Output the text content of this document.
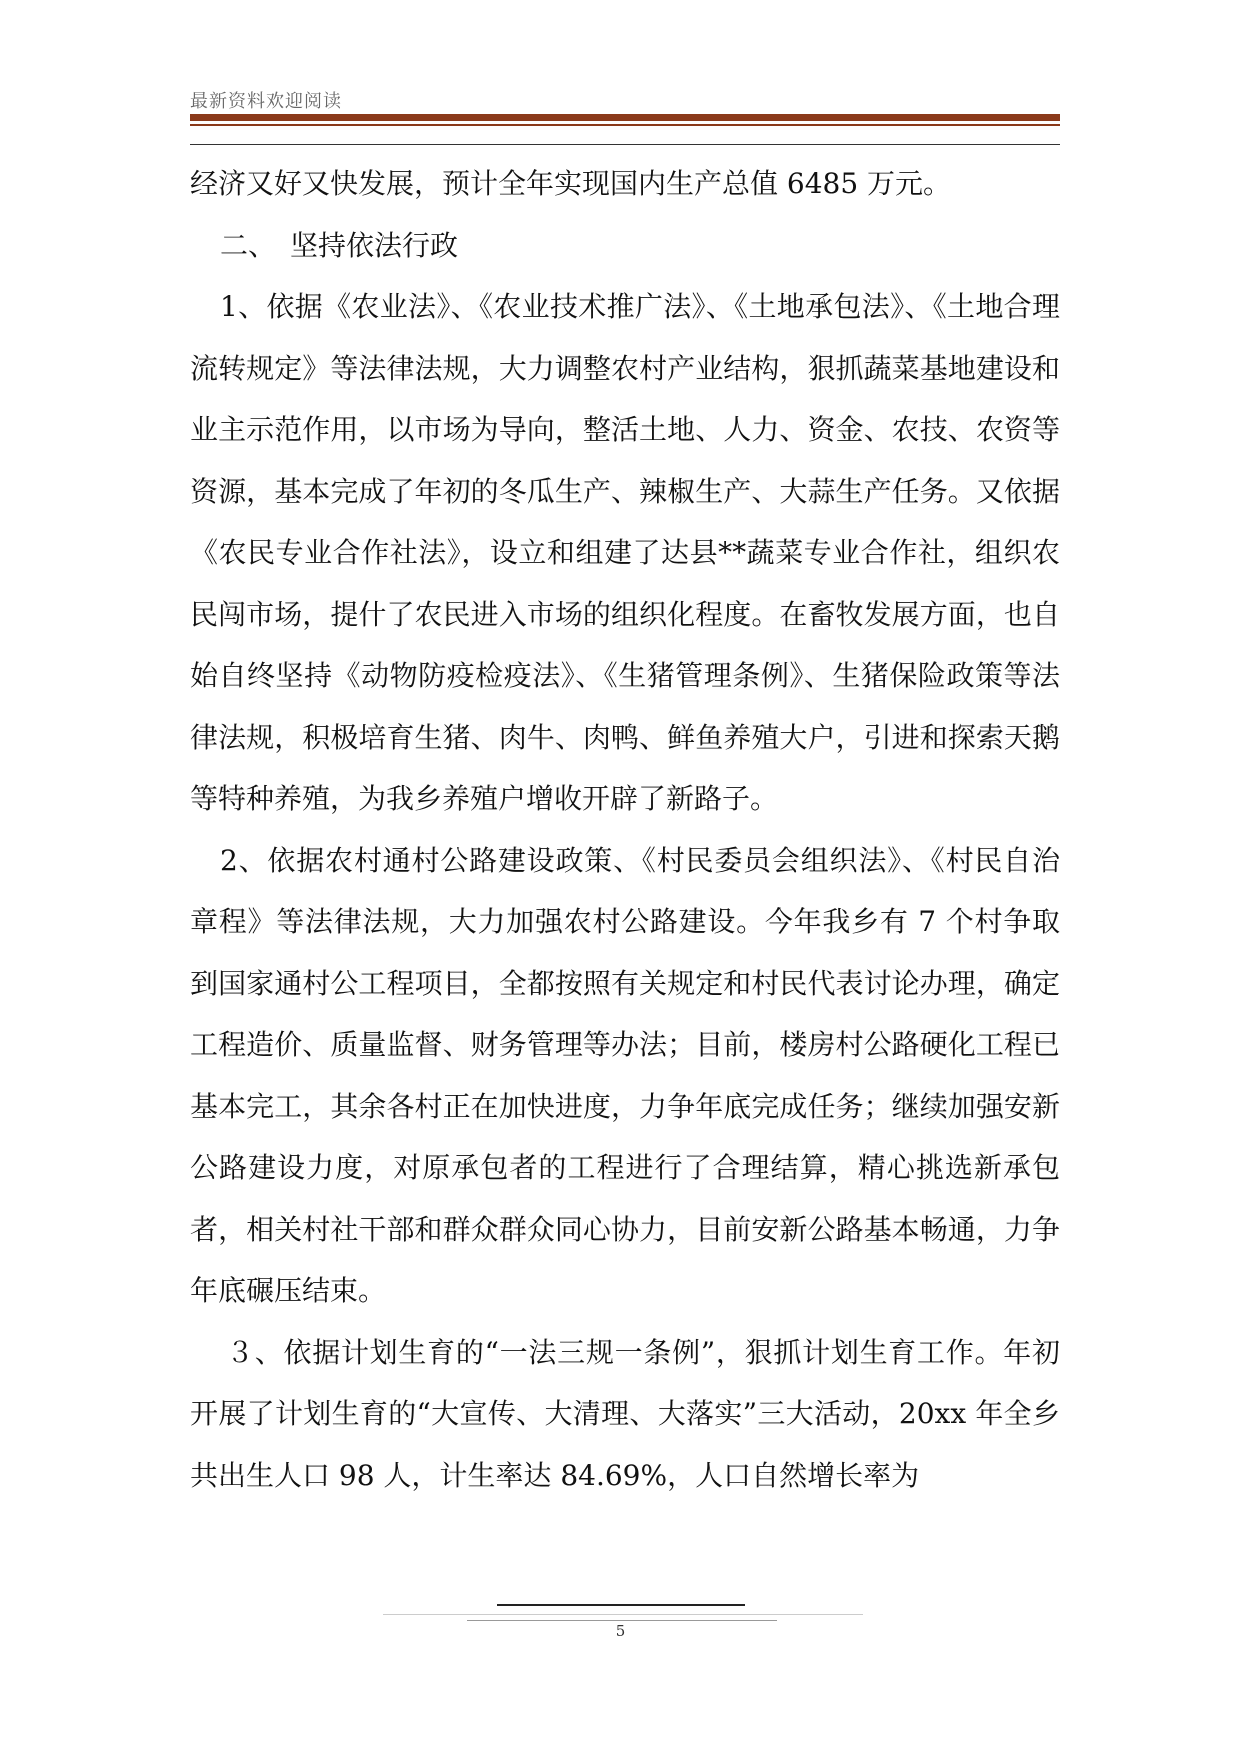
最新资料欢迎阅读

经济又好又快发展，预计全年实现国内生产总值 6485 万元。

二、　坚持依法行政

1、依据《农业法》、《农业技术推广法》、《土地承包法》、《土地合理流转规定》等法律法规，大力调整农村产业结构，狠抓蔬菜基地建设和业主示范作用，以市场为导向，整活土地、人力、资金、农技、农资等资源，基本完成了年初的冬瓜生产、辣椒生产、大蒜生产任务。又依据《农民专业合作社法》，设立和组建了达县**蔬菜专业合作社，组织农民闯市场，提什了农民进入市场的组织化程度。在畜牧发展方面，也自始自终坚持《动物防疫检疫法》、《生猪管理条例》、生猪保险政策等法律法规，积极培育生猪、肉牛、肉鸭、鲜鱼养殖大户，引进和探索天鹅等特种养殖，为我乡养殖户增收开辟了新路子。

2、依据农村通村公路建设政策、《村民委员会组织法》、《村民自治章程》等法律法规，大力加强农村公路建设。今年我乡有 7 个村争取到国家通村公工程项目，全都按照有关规定和村民代表讨论办理，确定工程造价、质量监督、财务管理等办法；目前，楼房村公路硬化工程已基本完工，其余各村正在加快进度，力争年底完成任务；继续加强安新公路建设力度，对原承包者的工程进行了合理结算，精心挑选新承包者，相关村社干部和群众群众同心协力，目前安新公路基本畅通，力争年底碾压结束。

３、依据计划生育的“一法三规一条例”，狠抓计划生育工作。年初开展了计划生育的“大宣传、大清理、大落实”三大活动，20xx 年全乡共出生人口 98 人，计生率达 84.69%，人口自然增长率为

5
